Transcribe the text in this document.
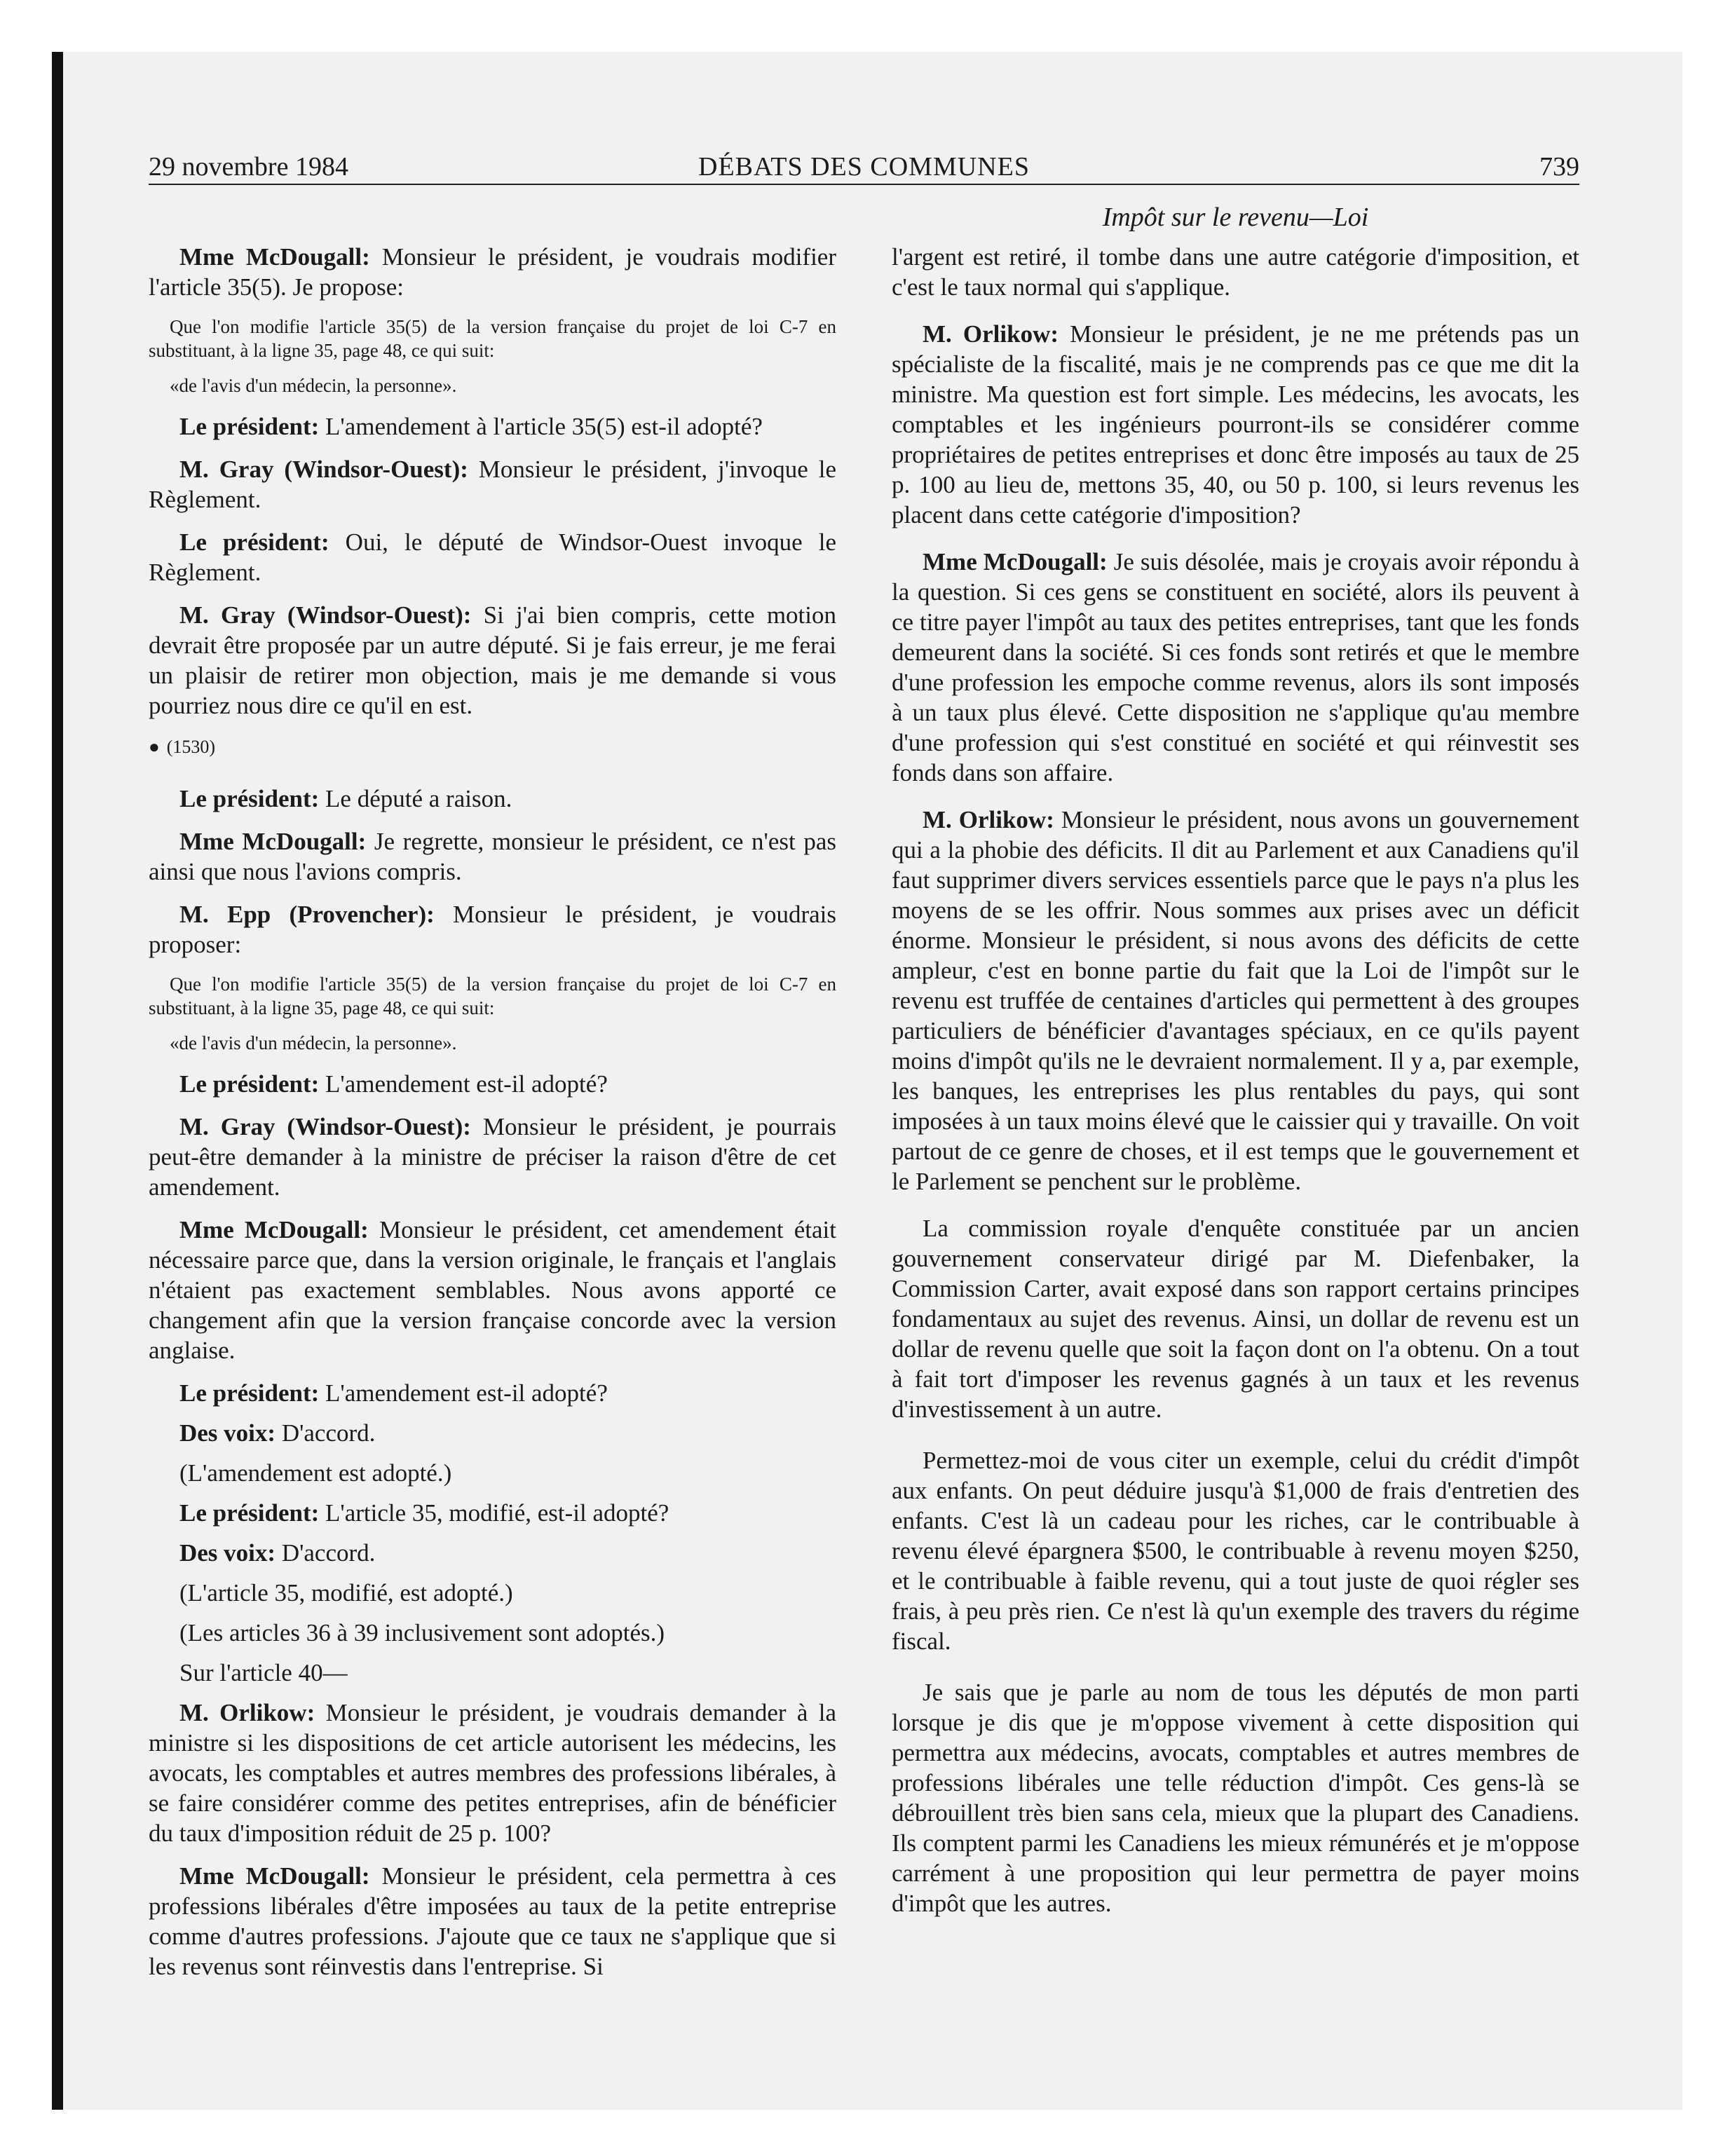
29 novembre 1984	DÉBATS DES COMMUNES	739
Impôt sur le revenu—Loi

Mme McDougall: Monsieur le président, je voudrais modifier l'article 35(5). Je propose:

Que l'on modifie l'article 35(5) de la version française du projet de loi C-7 en substituant, à la ligne 35, page 48, ce qui suit:

«de l'avis d'un médecin, la personne».

Le président: L'amendement à l'article 35(5) est-il adopté?

M. Gray (Windsor-Ouest): Monsieur le président, j'invoque le Règlement.

Le président: Oui, le député de Windsor-Ouest invoque le Règlement.

M. Gray (Windsor-Ouest): Si j'ai bien compris, cette motion devrait être proposée par un autre député. Si je fais erreur, je me ferai un plaisir de retirer mon objection, mais je me demande si vous pourriez nous dire ce qu'il en est.

● (1530)

Le président: Le député a raison.

Mme McDougall: Je regrette, monsieur le président, ce n'est pas ainsi que nous l'avions compris.

M. Epp (Provencher): Monsieur le président, je voudrais proposer:

Que l'on modifie l'article 35(5) de la version française du projet de loi C-7 en substituant, à la ligne 35, page 48, ce qui suit:

«de l'avis d'un médecin, la personne».

Le président: L'amendement est-il adopté?

M. Gray (Windsor-Ouest): Monsieur le président, je pourrais peut-être demander à la ministre de préciser la raison d'être de cet amendement.

Mme McDougall: Monsieur le président, cet amendement était nécessaire parce que, dans la version originale, le français et l'anglais n'étaient pas exactement semblables. Nous avons apporté ce changement afin que la version française concorde avec la version anglaise.

Le président: L'amendement est-il adopté?

Des voix: D'accord.

(L'amendement est adopté.)

Le président: L'article 35, modifié, est-il adopté?

Des voix: D'accord.

(L'article 35, modifié, est adopté.)

(Les articles 36 à 39 inclusivement sont adoptés.)

Sur l'article 40—

M. Orlikow: Monsieur le président, je voudrais demander à la ministre si les dispositions de cet article autorisent les médecins, les avocats, les comptables et autres membres des professions libérales, à se faire considérer comme des petites entreprises, afin de bénéficier du taux d'imposition réduit de 25 p. 100?

Mme McDougall: Monsieur le président, cela permettra à ces professions libérales d'être imposées au taux de la petite entreprise comme d'autres professions. J'ajoute que ce taux ne s'applique que si les revenus sont réinvestis dans l'entreprise. Si

l'argent est retiré, il tombe dans une autre catégorie d'imposition, et c'est le taux normal qui s'applique.

M. Orlikow: Monsieur le président, je ne me prétends pas un spécialiste de la fiscalité, mais je ne comprends pas ce que me dit la ministre. Ma question est fort simple. Les médecins, les avocats, les comptables et les ingénieurs pourront-ils se considérer comme propriétaires de petites entreprises et donc être imposés au taux de 25 p. 100 au lieu de, mettons 35, 40, ou 50 p. 100, si leurs revenus les placent dans cette catégorie d'imposition?

Mme McDougall: Je suis désolée, mais je croyais avoir répondu à la question. Si ces gens se constituent en société, alors ils peuvent à ce titre payer l'impôt au taux des petites entreprises, tant que les fonds demeurent dans la société. Si ces fonds sont retirés et que le membre d'une profession les empoche comme revenus, alors ils sont imposés à un taux plus élevé. Cette disposition ne s'applique qu'au membre d'une profession qui s'est constitué en société et qui réinvestit ses fonds dans son affaire.

M. Orlikow: Monsieur le président, nous avons un gouvernement qui a la phobie des déficits. Il dit au Parlement et aux Canadiens qu'il faut supprimer divers services essentiels parce que le pays n'a plus les moyens de se les offrir. Nous sommes aux prises avec un déficit énorme. Monsieur le président, si nous avons des déficits de cette ampleur, c'est en bonne partie du fait que la Loi de l'impôt sur le revenu est truffée de centaines d'articles qui permettent à des groupes particuliers de bénéficier d'avantages spéciaux, en ce qu'ils payent moins d'impôt qu'ils ne le devraient normalement. Il y a, par exemple, les banques, les entreprises les plus rentables du pays, qui sont imposées à un taux moins élevé que le caissier qui y travaille. On voit partout de ce genre de choses, et il est temps que le gouvernement et le Parlement se penchent sur le problème.

La commission royale d'enquête constituée par un ancien gouvernement conservateur dirigé par M. Diefenbaker, la Commission Carter, avait exposé dans son rapport certains principes fondamentaux au sujet des revenus. Ainsi, un dollar de revenu est un dollar de revenu quelle que soit la façon dont on l'a obtenu. On a tout à fait tort d'imposer les revenus gagnés à un taux et les revenus d'investissement à un autre.

Permettez-moi de vous citer un exemple, celui du crédit d'impôt aux enfants. On peut déduire jusqu'à $1,000 de frais d'entretien des enfants. C'est là un cadeau pour les riches, car le contribuable à revenu élevé épargnera $500, le contribuable à revenu moyen $250, et le contribuable à faible revenu, qui a tout juste de quoi régler ses frais, à peu près rien. Ce n'est là qu'un exemple des travers du régime fiscal.

Je sais que je parle au nom de tous les députés de mon parti lorsque je dis que je m'oppose vivement à cette disposition qui permettra aux médecins, avocats, comptables et autres membres de professions libérales une telle réduction d'impôt. Ces gens-là se débrouillent très bien sans cela, mieux que la plupart des Canadiens. Ils comptent parmi les Canadiens les mieux rémunérés et je m'oppose carrément à une proposition qui leur permettra de payer moins d'impôt que les autres.
